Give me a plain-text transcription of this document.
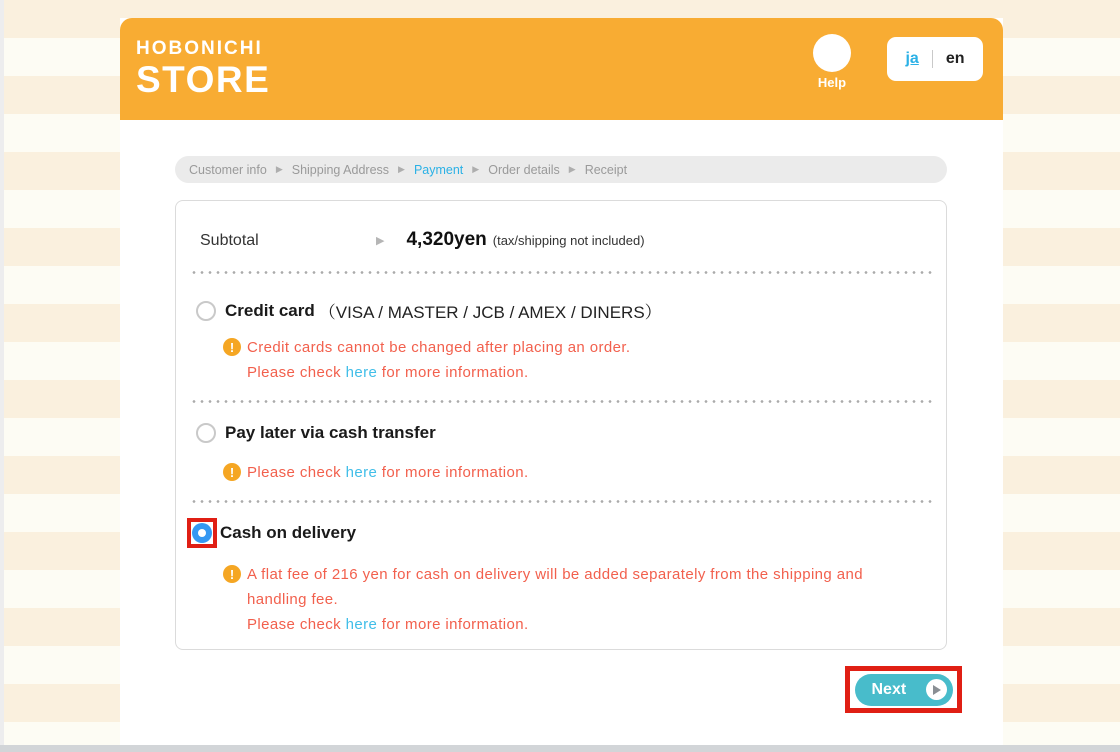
HOBONICHI
STORE	Help
ja en
Customer info ▶ Shipping Address ▶ Payment ▶ Order details ▶ Receipt
Subtotal ▶	4,320yen (tax/shipping not included)
Credit card （VISA / MASTER / JCB / AMEX / DINERS）
!
Credit cards cannot be changed after placing an order.
Please check here for more information.
Pay later via cash transfer
!
Please check here for more information.
Cash on delivery
!
A flat fee of 216 yen for cash on delivery will be added separately from the shipping and
handling fee.
Please check here for more information.
Next
